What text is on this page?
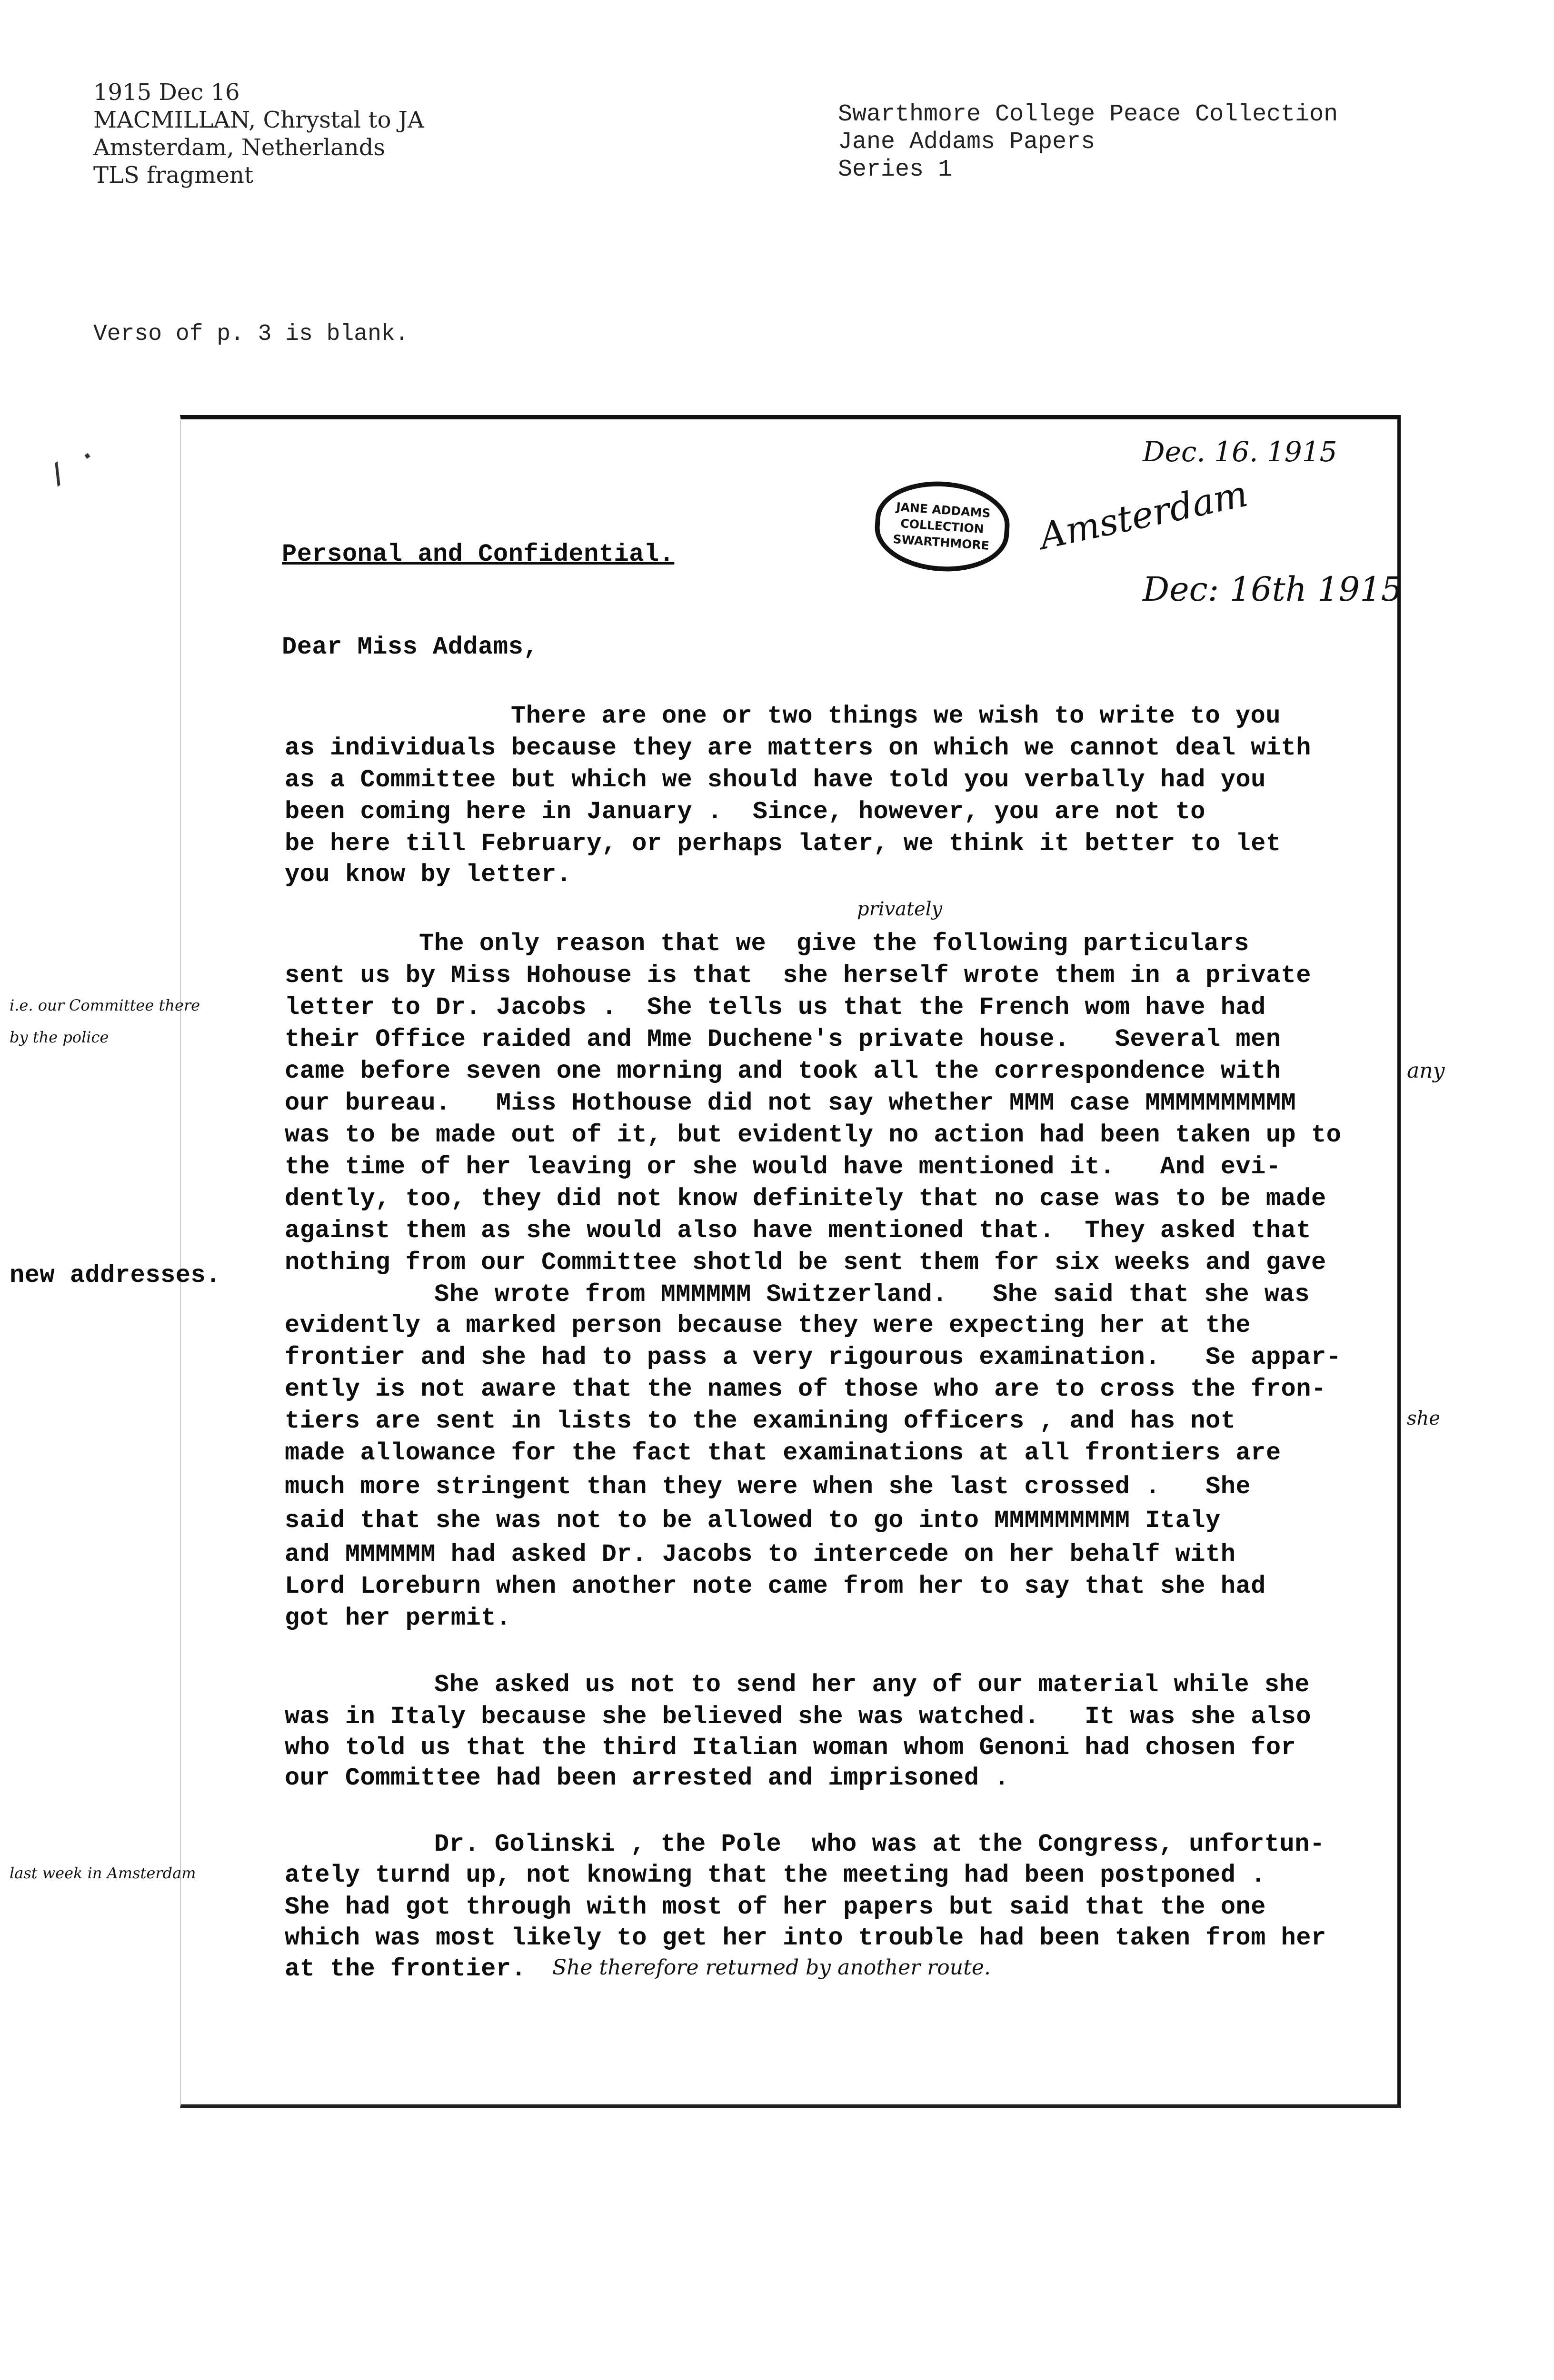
1915 Dec 16
MACMILLAN, Chrystal to JA
Amsterdam, Netherlands
TLS fragment
Swarthmore College Peace Collection
Jane Addams Papers
Series 1
Verso of p. 3 is blank.
JANE ADDAMS
COLLECTION
SWARTHMORE
Dec. 16. 1915
Amsterdam
Dec: 16th 1915
/ ·
Personal and Confidential.
Dear Miss Addams,
There are one or two things we wish to write to you
as individuals because they are matters on which we cannot deal with
as a Committee but which we should have told you verbally had you
been coming here in January .  Since, however, you are not to
be here till February, or perhaps later, we think it better to let
you know by letter.
privately
i.e. our Committee there
by the police
any
The only reason that we  give the following particulars
sent us by Miss Hohouse is that  she herself wrote them in a private
letter to Dr. Jacobs .  She tells us that the French wom have had
their Office raided and Mme Duchene's private house.   Several men
came before seven one morning and took all the correspondence with
our bureau.   Miss Hothouse did not say whether MMM case MMMMMMMMMM
was to be made out of it, but evidently no action had been taken up to
the time of her leaving or she would have mentioned it.   And evi-
dently, too, they did not know definitely that no case was to be made
against them as she would also have mentioned that.  They asked that
nothing from our Committee shotld be sent them for six weeks and gave
new addresses.
she
She wrote from MMMMMM Switzerland.   She said that she was
evidently a marked person because they were expecting her at the
frontier and she had to pass a very rigourous examination.   Se appar-
ently is not aware that the names of those who are to cross the fron-
tiers are sent in lists to the examining officers , and has not
made allowance for the fact that examinations at all frontiers are
much more stringent than they were when she last crossed .   She
said that she was not to be allowed to go into MMMMMMMMM Italy
and MMMMMM had asked Dr. Jacobs to intercede on her behalf with
Lord Loreburn when another note came from her to say that she had
got her permit.
She asked us not to send her any of our material while she
was in Italy because she believed she was watched.   It was she also
who told us that the third Italian woman whom Genoni had chosen for
our Committee had been arrested and imprisoned .
last week in Amsterdam
Dr. Golinski , the Pole  who was at the Congress, unfortun-
ately turnd up, not knowing that the meeting had been postponed .
She had got through with most of her papers but said that the one
which was most likely to get her into trouble had been taken from her
at the frontier. She therefore returned by another route.
